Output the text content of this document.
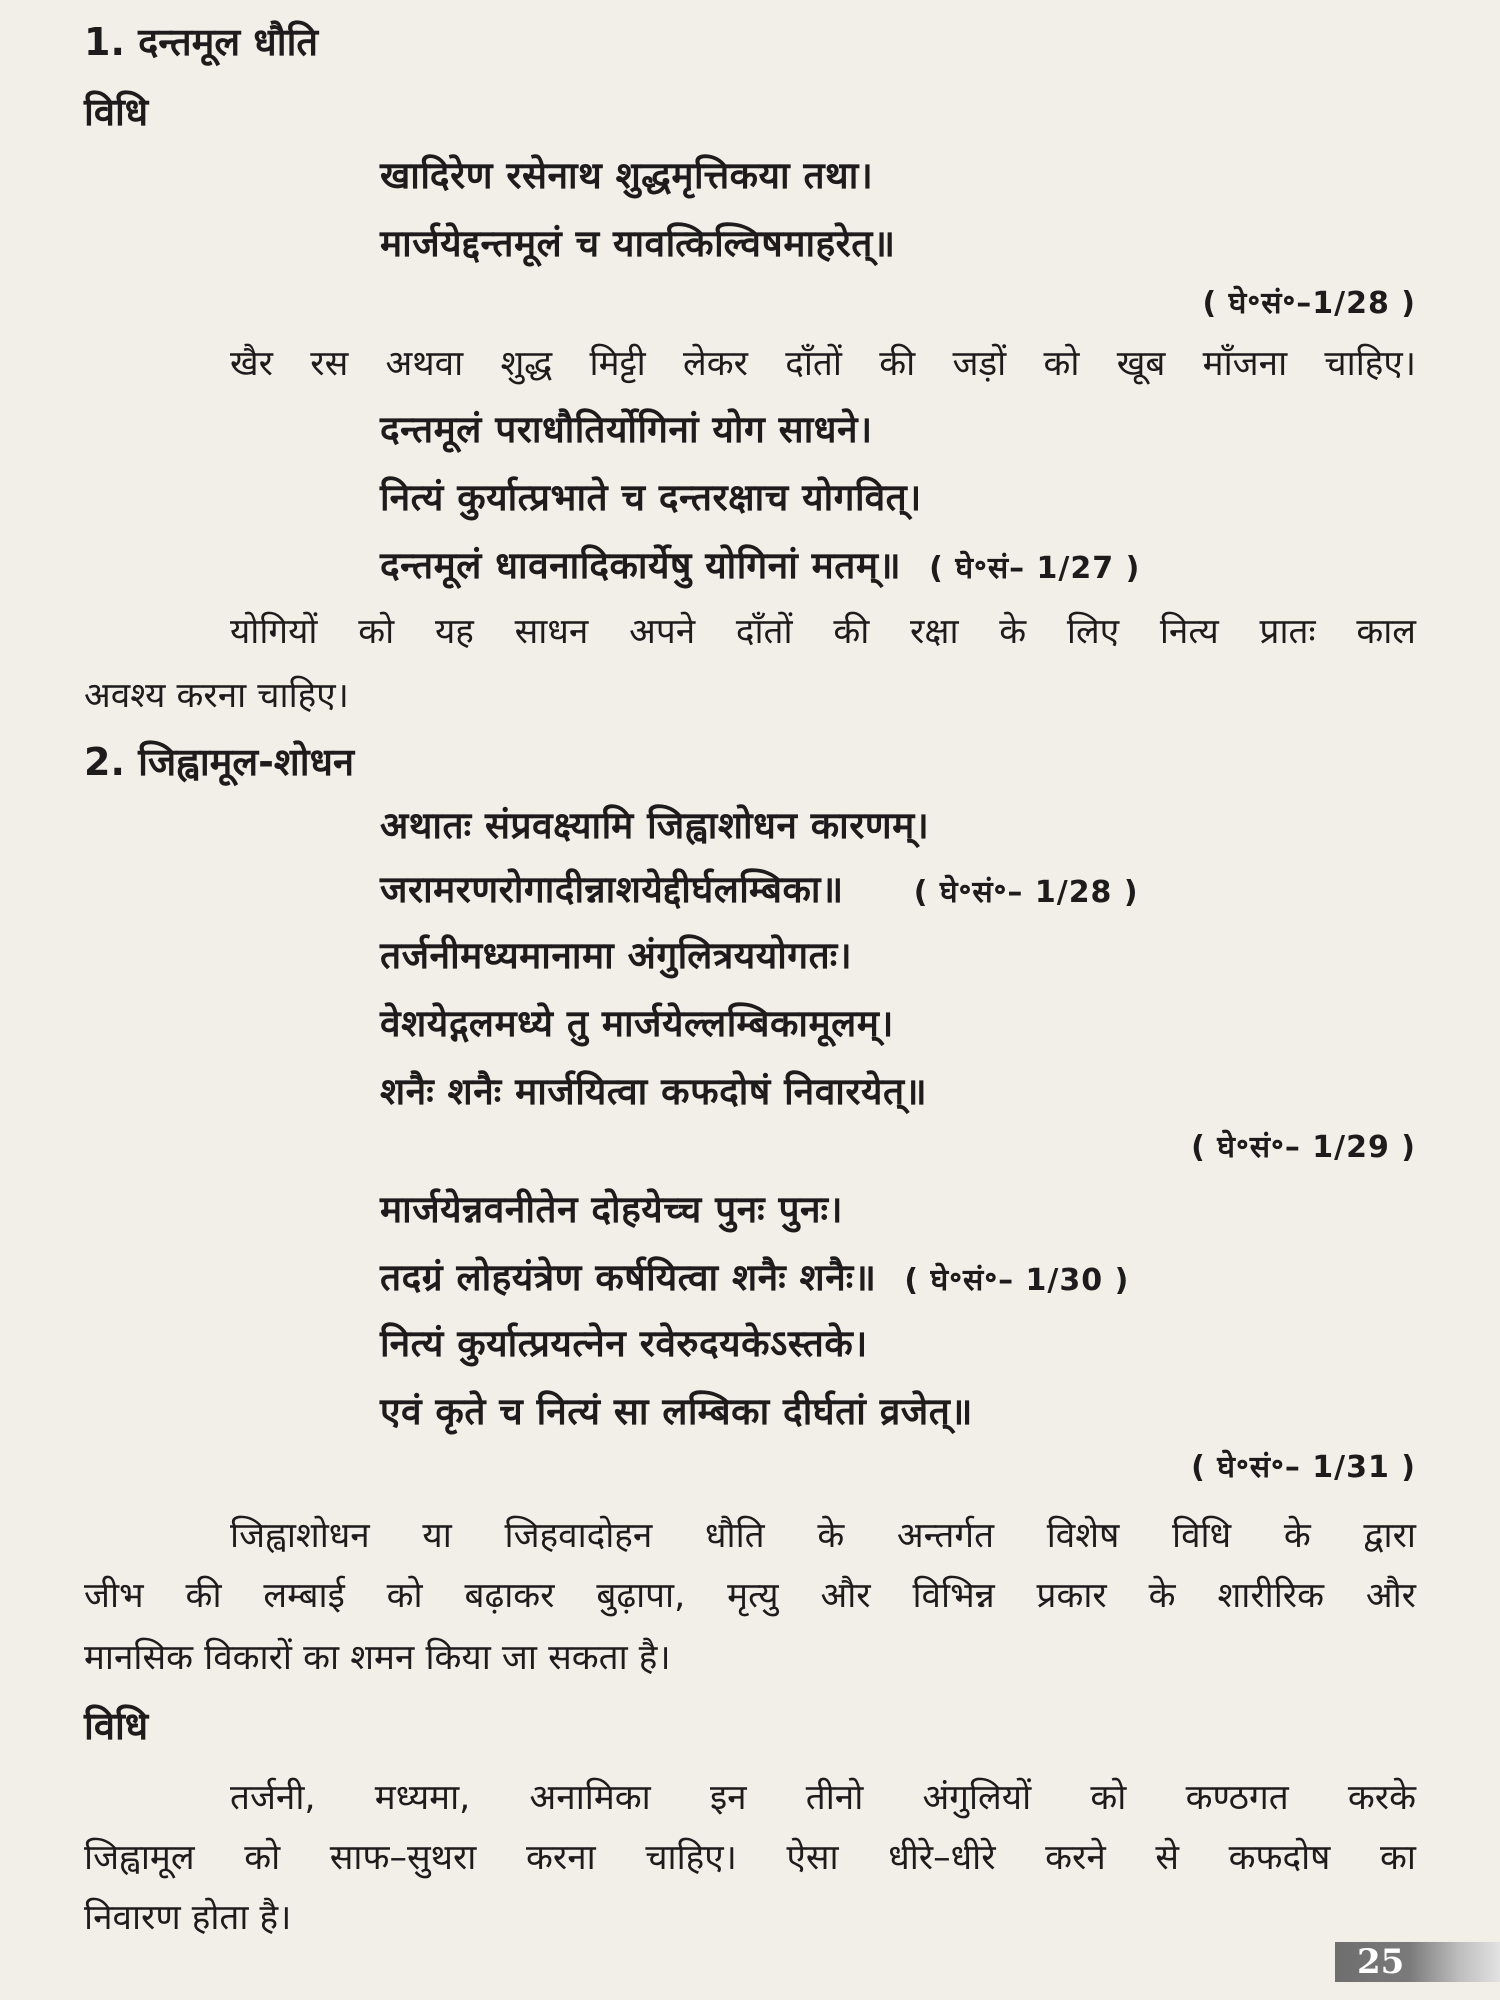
1. दन्तमूल धौति
विधि
खादिरेण रसेनाथ शुद्धमृत्तिकया तथा।
मार्जयेद्दन्तमूलं च यावत्किल्विषमाहरेत्॥
( घे॰सं॰–1/28 )
खैर रस अथवा शुद्ध मिट्टी लेकर दाँतों की जड़ों को खूब माँजना चाहिए।
दन्तमूलं पराधौतिर्योगिनां योग साधने।
नित्यं कुर्यात्प्रभाते च दन्तरक्षाच योगवित्।
दन्तमूलं धावनादिकार्येषु योगिनां मतम्॥ ( घे॰सं– 1/27 )
योगियों को यह साधन अपने दाँतों की रक्षा के लिए नित्य प्रातः काल
अवश्य करना चाहिए।
2. जिह्वामूल-शोधन
अथातः संप्रवक्ष्यामि जिह्वाशोधन कारणम्।
जरामरणरोगादीन्नाशयेद्दीर्घलम्बिका॥ ( घे॰सं॰– 1/28 )
तर्जनीमध्यमानामा अंगुलित्रययोगतः।
वेशयेद्गलमध्ये तु मार्जयेल्लम्बिकामूलम्।
शनैः शनैः मार्जयित्वा कफदोषं निवारयेत्॥
( घे॰सं॰– 1/29 )
मार्जयेन्नवनीतेन दोहयेच्च पुनः पुनः।
तदग्रं लोहयंत्रेण कर्षयित्वा शनैः शनैः॥ ( घे॰सं॰– 1/30 )
नित्यं कुर्यात्प्रयत्नेन रवेरुदयकेऽस्तके।
एवं कृते च नित्यं सा लम्बिका दीर्घतां व्रजेत्॥
( घे॰सं॰– 1/31 )
जिह्वाशोधन या जिहवादोहन धौति के अन्तर्गत विशेष विधि के द्वारा
जीभ की लम्बाई को बढ़ाकर बुढ़ापा, मृत्यु और विभिन्न प्रकार के शारीरिक और
मानसिक विकारों का शमन किया जा सकता है।
विधि
तर्जनी, मध्यमा, अनामिका इन तीनो अंगुलियों को कण्ठगत करके
जिह्वामूल को साफ–सुथरा करना चाहिए। ऐसा धीरे–धीरे करने से कफदोष का
निवारण होता है।
25
